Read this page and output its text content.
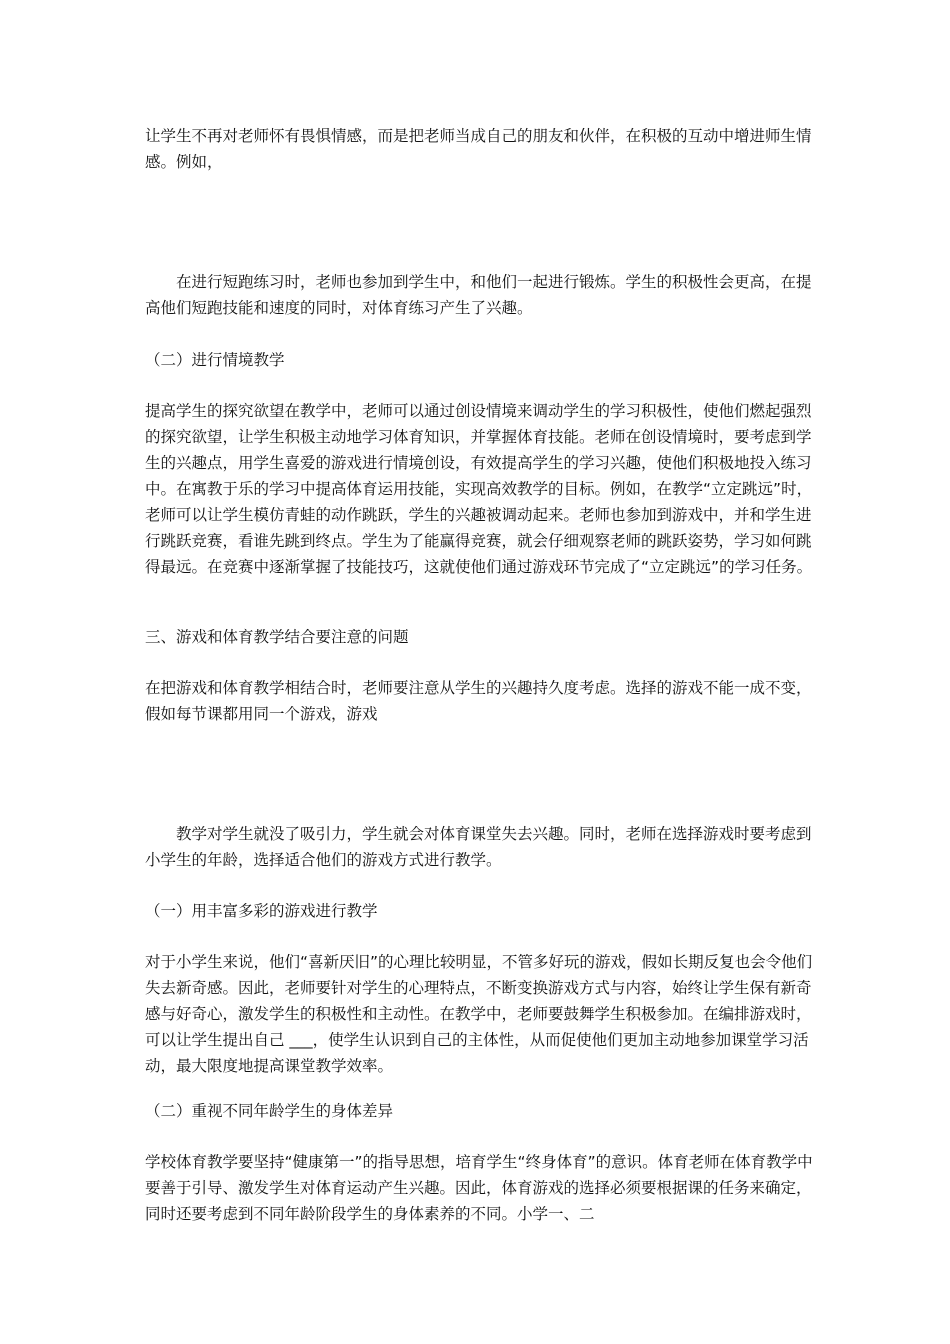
让学生不再对老师怀有畏惧情感，而是把老师当成自己的朋友和伙伴，在积极的互动中增进师生情感。例如，

在进行短跑练习时，老师也参加到学生中，和他们一起进行锻炼。学生的积极性会更高，在提高他们短跑技能和速度的同时，对体育练习产生了兴趣。

（二）进行情境教学

提高学生的探究欲望在教学中，老师可以通过创设情境来调动学生的学习积极性，使他们燃起强烈的探究欲望，让学生积极主动地学习体育知识，并掌握体育技能。老师在创设情境时，要考虑到学生的兴趣点，用学生喜爱的游戏进行情境创设，有效提高学生的学习兴趣，使他们积极地投入练习中。在寓教于乐的学习中提高体育运用技能，实现高效教学的目标。例如，在教学“立定跳远”时，老师可以让学生模仿青蛙的动作跳跃，学生的兴趣被调动起来。老师也参加到游戏中，并和学生进行跳跃竞赛，看谁先跳到终点。学生为了能赢得竞赛，就会仔细观察老师的跳跃姿势，学习如何跳得最远。在竞赛中逐渐掌握了技能技巧，这就使他们通过游戏环节完成了“立定跳远”的学习任务。

三、游戏和体育教学结合要注意的问题

在把游戏和体育教学相结合时，老师要注意从学生的兴趣持久度考虑。选择的游戏不能一成不变，假如每节课都用同一个游戏，游戏

教学对学生就没了吸引力，学生就会对体育课堂失去兴趣。同时，老师在选择游戏时要考虑到小学生的年龄，选择适合他们的游戏方式进行教学。

（一）用丰富多彩的游戏进行教学

对于小学生来说，他们“喜新厌旧”的心理比较明显，不管多好玩的游戏，假如长期反复也会令他们失去新奇感。因此，老师要针对学生的心理特点，不断变换游戏方式与内容，始终让学生保有新奇感与好奇心，激发学生的积极性和主动性。在教学中，老师要鼓舞学生积极参加。在编排游戏时，可以让学生提出自己 ___，使学生认识到自己的主体性，从而促使他们更加主动地参加课堂学习活动，最大限度地提高课堂教学效率。

（二）重视不同年龄学生的身体差异

学校体育教学要坚持“健康第一”的指导思想，培育学生“终身体育”的意识。体育老师在体育教学中要善于引导、激发学生对体育运动产生兴趣。因此，体育游戏的选择必须要根据课的任务来确定，同时还要考虑到不同年龄阶段学生的身体素养的不同。小学一、二
